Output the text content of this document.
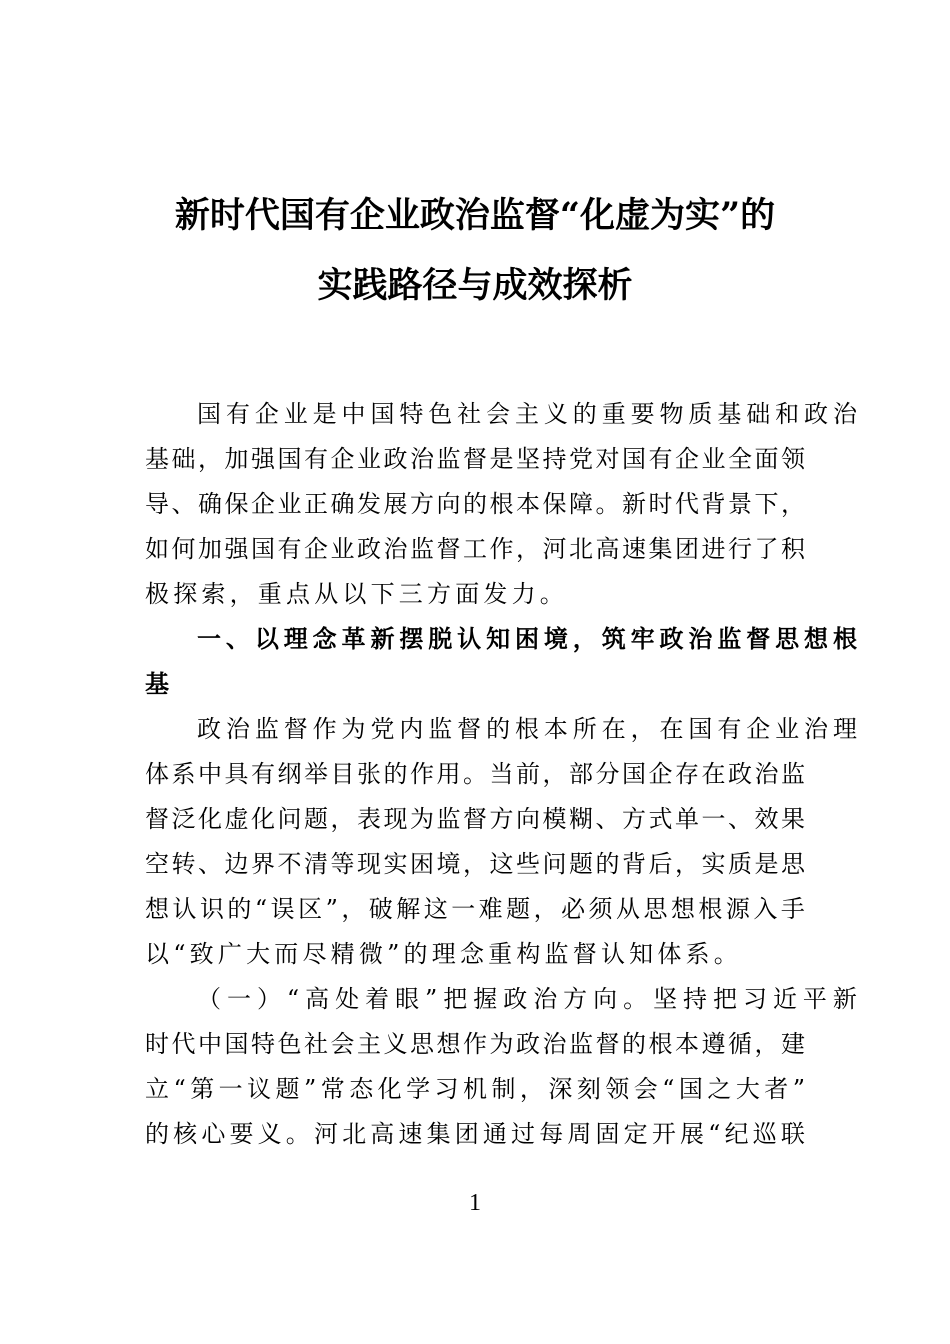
新时代国有企业政治监督“化虚为实”的
实践路径与成效探析
国 有 企 业 是 中 国 特 色 社 会 主 义 的 重 要 物 质 基 础 和 政 治
基 础 ， 加 强 国 有 企 业 政 治 监 督 是 坚 持 党 对 国 有 企 业 全 面 领
导 、 确 保 企 业 正 确 发 展 方 向 的 根 本 保 障 。 新 时 代 背 景 下 ，
如 何 加 强 国 有 企 业 政 治 监 督 工 作 ， 河 北 高 速 集 团 进 行 了 积
极探索，重点从以下三方面发力。
一 、 以 理 念 革 新 摆 脱 认 知 困 境 ， 筑 牢 政 治 监 督 思 想 根
基
政 治 监 督 作 为 党 内 监 督 的 根 本 所 在 ， 在 国 有 企 业 治 理
体 系 中 具 有 纲 举 目 张 的 作 用 。 当 前 ， 部 分 国 企 存 在 政 治 监
督 泛 化 虚 化 问 题 ， 表 现 为 监 督 方 向 模 糊 、 方 式 单 一 、 效 果
空 转 、 边 界 不 清 等 现 实 困 境 ， 这 些 问 题 的 背 后 ， 实 质 是 思
想 认 识 的 “ 误 区 ” ， 破 解 这 一 难 题 ， 必 须 从 思 想 根 源 入 手
以“致广大而尽精微”的理念重构监督认知体系。
（ 一 ） “ 高 处 着 眼 ” 把 握 政 治 方 向 。 坚 持 把 习 近 平 新
时 代 中 国 特 色 社 会 主 义 思 想 作 为 政 治 监 督 的 根 本 遵 循 ， 建
立 “ 第 一 议 题 ” 常 态 化 学 习 机 制 ， 深 刻 领 会 “ 国 之 大 者 ”
的 核 心 要 义 。 河 北 高 速 集 团 通 过 每 周 固 定 开 展 “ 纪 巡 联
1
